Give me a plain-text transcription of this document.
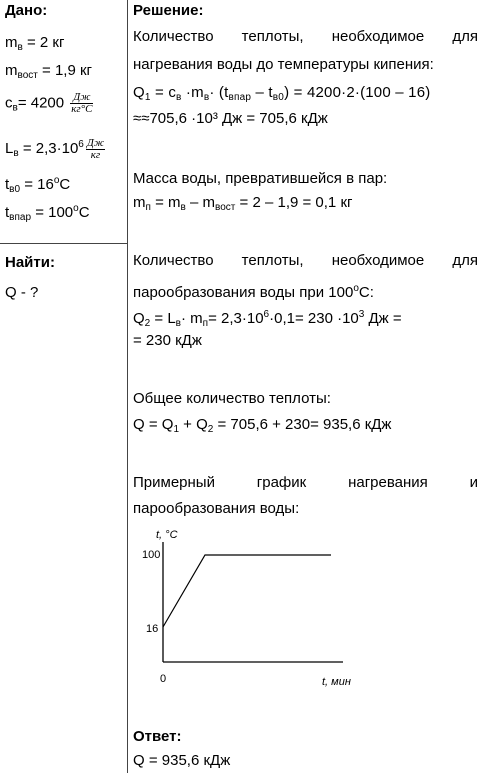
Дано:
$m_в = 2$ кг
$m_{вост} = 1,9$ кг
$c_в= 4200 \frac{Дж}{кг^\circ С}$
$L_в = 2,3\cdot 10^6 \frac{Дж}{кг}$
$t_{в0} = 16^оС$
$t_{впар} = 100^оС$
Найти:
Q - ?
Решение:
Количество теплоты, необходимое для
нагревания воды до температуры кипения:
$Q_1 = c_в \cdot m_в\cdot (t_{впар} - t_{в0}) = 4200\cdot 2\cdot(100 - 16)$
≈≈705,6 ·10³ Дж = 705,6 кДж
Масса воды, превратившейся в пар:
$m_п = m_в - m_{вост} = 2 - 1,9 = 0,1$ кг
Количество теплоты, необходимое для
парообразования воды при $100^оС$:
$Q_2 = L_в\cdot m_п= 2,3\cdot 10^6\cdot 0,1= 230 \cdot 10^3$ Дж =
= 230 кДж
Общее количество теплоты:
$Q = Q_1 + Q_2 = 705,6 + 230= 935,6$ кДж
Примерный	график	нагревания	и
парообразования воды:
t, °C
100
16
0	t, мин
Ответ:
Q = 935,6 кДж
